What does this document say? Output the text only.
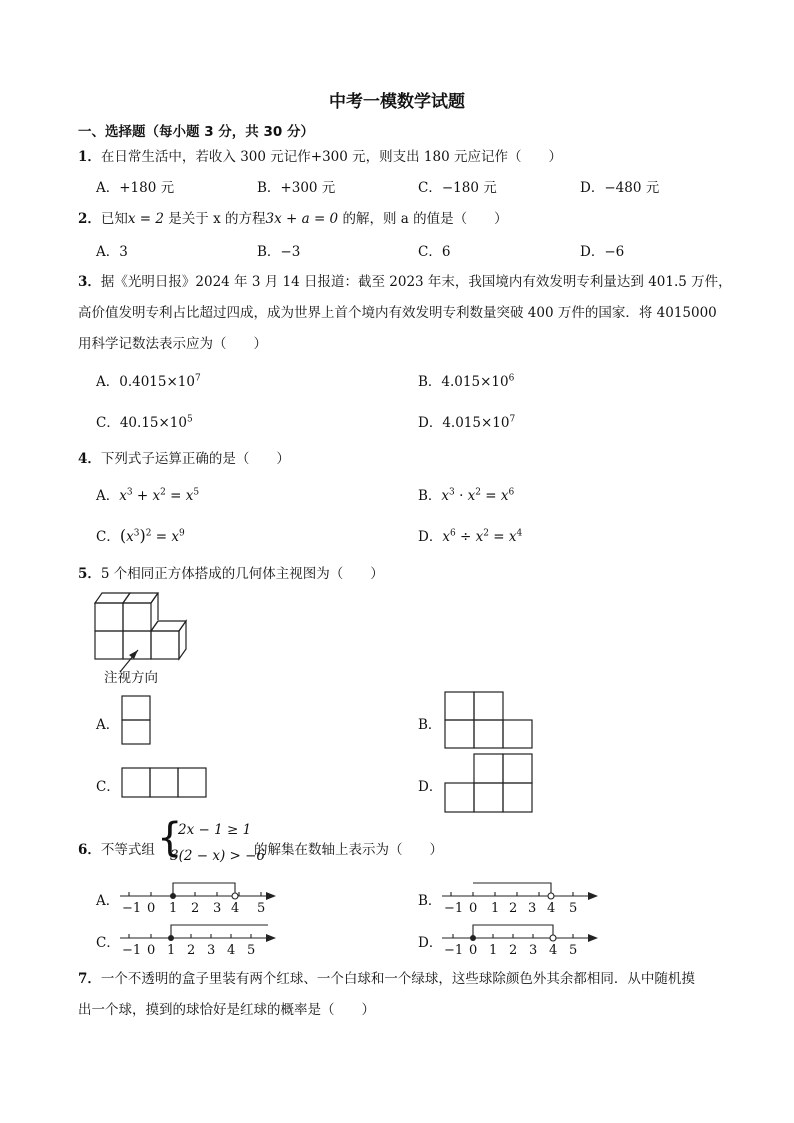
中考一模数学试题
一、选择题（每小题 3 分，共 30 分）
1．在日常生活中，若收入 300 元记作+300 元，则支出 180 元应记作（　　）
A．+180 元	B．+300 元	C．−180 元	D．−480 元
2．已知x = 2 是关于 x 的方程3x + a = 0 的解，则 a 的值是（　　）
A．3	B．−3	C．6	D．−6
3．据《光明日报》2024 年 3 月 14 日报道：截至 2023 年末，我国境内有效发明专利量达到 401.5 万件，
高价值发明专利占比超过四成，成为世界上首个境内有效发明专利数量突破 400 万件的国家．将 4015000
用科学记数法表示应为（　　）
A．$0.4015\times 10^7$	B．$4.015\times 10^6$
C．$40.15\times 10^5$	D．$4.015\times 10^7$
4．下列式子运算正确的是（　　）
A．$x^3 + x^2 = x^5$	B．$x^3 \cdot x^2 = x^6$
C．$(x^3)^2 = x^9$	D．$x^6 \div x^2 = x^4$
5．5 个相同正方体搭成的几何体主视图为（　　）
注视方向
A．	B．
C．	D．
6．不等式组 {
2x − 1 ≥ 1
3(2 − x) > −6
的解集在数轴上表示为（　　）
A． −1 0 1 2 3 4 5	B． −1 0 1 2 3 4 5
C． −1 0 1 2 3 4 5	D． −1 0 1 2 3 4 5
7．一个不透明的盒子里装有两个红球、一个白球和一个绿球，这些球除颜色外其余都相同．从中随机摸
出一个球，摸到的球恰好是红球的概率是（　　）
